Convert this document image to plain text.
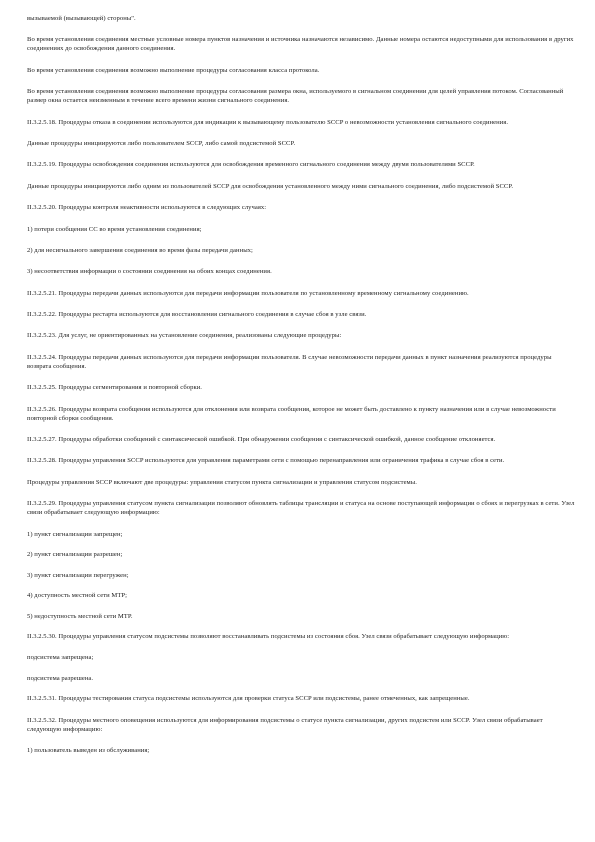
вызываемой (вызывающей) стороны".

Во время установления соединения местные условные номера пунктов назначения и источника назначаются независимо. Данные номера остаются недоступными для использования в других соединениях до освобождения данного соединения.

Во время установления соединения возможно выполнение процедуры согласования класса протокола.

Во время установления соединения возможно выполнение процедуры согласования размера окна, используемого в сигнальном соединении для целей управления потоком. Согласованный размер окна остается неизменным в течение всего времени жизни сигнального соединения.

II.3.2.5.18. Процедуры отказа в соединении используются для индикации к вызывающему пользователю SCCP о невозможности установления сигнального соединения.

Данные процедуры инициируются либо пользователем SCCP, либо самой подсистемой SCCP.

II.3.2.5.19. Процедуры освобождения соединения используются для освобождения временного сигнального соединения между двумя пользователями SCCP.

Данные процедуры инициируются либо одним из пользователей SCCP для освобождения установленного между ними сигнального соединения, либо подсистемой SCCP.

II.3.2.5.20. Процедуры контроля неактивности используются в следующих случаях:

1) потери сообщения CC во время установления соединения;

2) для несигнального завершения соединения во время фазы передачи данных;

3) несоответствия информации о состоянии соединения на обоих концах соединения.

II.3.2.5.21. Процедуры передачи данных используются для передачи информации пользователя по установленному временному сигнальному соединению.

II.3.2.5.22. Процедуры рестарта используются для восстановления сигнального соединения в случае сбоя в узле связи.

II.3.2.5.23. Для услуг, не ориентированных на установление соединения, реализованы следующие процедуры:

II.3.2.5.24. Процедуры передачи данных используются для передачи информации пользователя. В случае невозможности передачи данных в пункт назначения реализуются процедуры возврата сообщения.

II.3.2.5.25. Процедуры сегментирования и повторной сборки.

II.3.2.5.26. Процедуры возврата сообщения используются для отклонения или возврата сообщения, которое не может быть доставлено к пункту назначения или в случае невозможности повторной сборки сообщения.

II.3.2.5.27. Процедуры обработки сообщений с синтаксической ошибкой. При обнаружении сообщения с синтаксической ошибкой, данное сообщение отклоняется.

II.3.2.5.28. Процедуры управления SCCP используются для управления параметрами сети с помощью перенаправления или ограничения трафика в случае сбоя в сети.

Процедуры управления SCCP включают две процедуры: управления статусом пункта сигнализации и управления статусом подсистемы.

II.3.2.5.29. Процедуры управления статусом пункта сигнализации позволяют обновлять таблицы трансляции и статуса на основе поступающей информации о сбоях и перегрузках в сети. Узел связи обрабатывает следующую информацию:

1) пункт сигнализации запрещен;

2) пункт сигнализации разрешен;

3) пункт сигнализации перегружен;

4) доступность местной сети MTP;

5) недоступность местной сети MTP.

II.3.2.5.30. Процедуры управления статусом подсистемы позволяют восстанавливать подсистемы из состояния сбоя. Узел связи обрабатывает следующую информацию:

подсистема запрещена;

подсистема разрешена.

II.3.2.5.31. Процедуры тестирования статуса подсистемы используются для проверки статуса SCCP или подсистемы, ранее отмеченных, как запрещенные.

II.3.2.5.32. Процедуры местного оповещения используются для информирования подсистемы о статусе пункта сигнализации, других подсистем или SCCP. Узел связи обрабатывает следующую информацию:

1) пользователь выведен из обслуживания;
